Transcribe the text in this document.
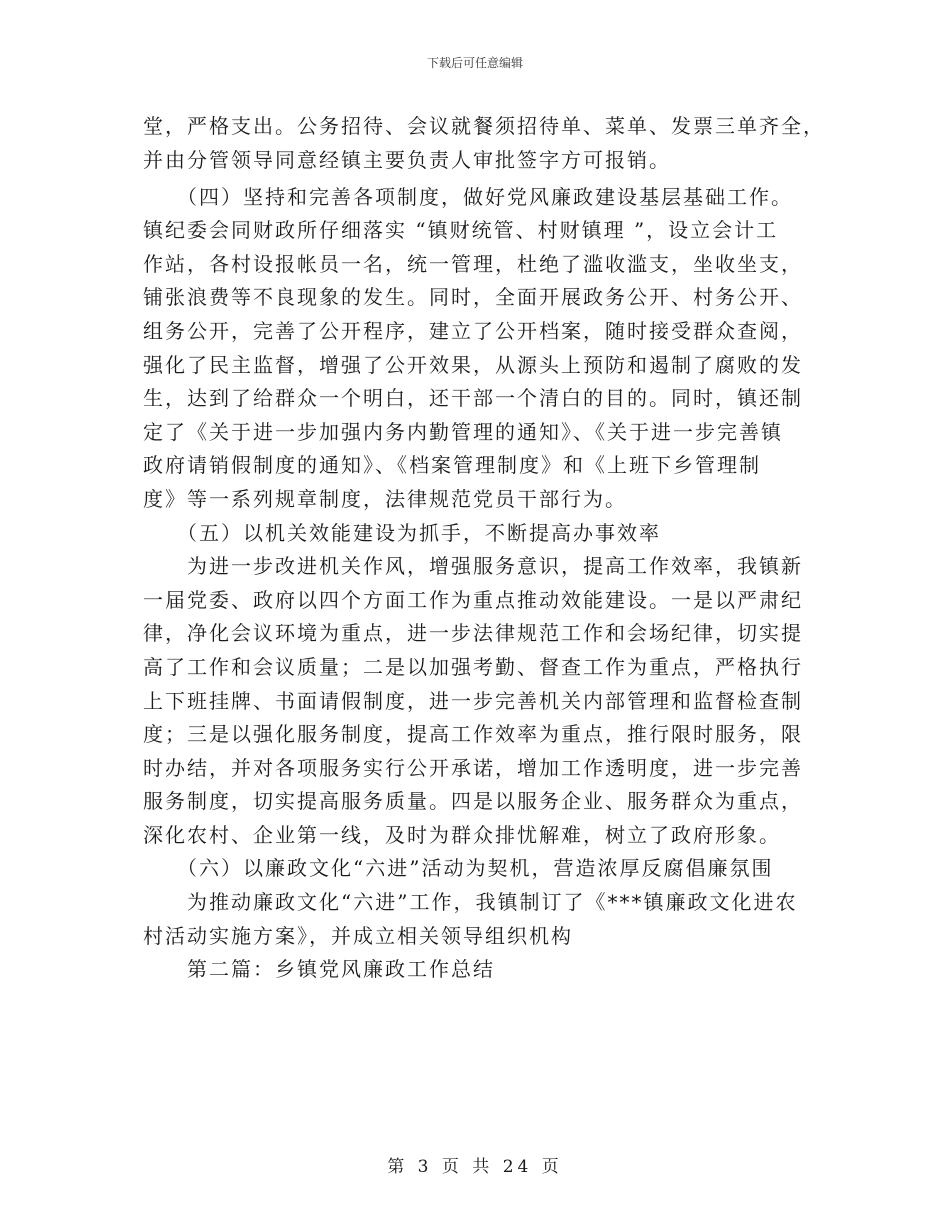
下载后可任意编辑
堂，严格支出。公务招待、会议就餐须招待单、菜单、发票三单齐全，
并由分管领导同意经镇主要负责人审批签字方可报销。
　　（四）坚持和完善各项制度，做好党风廉政建设基层基础工作。
镇纪委会同财政所仔细落实 “镇财统管、村财镇理 ”，设立会计工
作站，各村设报帐员一名，统一管理，杜绝了滥收滥支，坐收坐支，
铺张浪费等不良现象的发生。同时，全面开展政务公开、村务公开、
组务公开，完善了公开程序，建立了公开档案，随时接受群众查阅，
强化了民主监督，增强了公开效果，从源头上预防和遏制了腐败的发
生，达到了给群众一个明白，还干部一个清白的目的。同时，镇还制
定了《关于进一步加强内务内勤管理的通知》、《关于进一步完善镇
政府请销假制度的通知》、《档案管理制度》和《上班下乡管理制
度》等一系列规章制度，法律规范党员干部行为。
　　（五）以机关效能建设为抓手，不断提高办事效率
　　为进一步改进机关作风，增强服务意识，提高工作效率，我镇新
一届党委、政府以四个方面工作为重点推动效能建设。一是以严肃纪
律，净化会议环境为重点，进一步法律规范工作和会场纪律，切实提
高了工作和会议质量；二是以加强考勤、督查工作为重点，严格执行
上下班挂牌、书面请假制度，进一步完善机关内部管理和监督检查制
度；三是以强化服务制度，提高工作效率为重点，推行限时服务，限
时办结，并对各项服务实行公开承诺，增加工作透明度，进一步完善
服务制度，切实提高服务质量。四是以服务企业、服务群众为重点，
深化农村、企业第一线，及时为群众排忧解难，树立了政府形象。
　　（六）以廉政文化“六进”活动为契机，营造浓厚反腐倡廉氛围
　　为推动廉政文化“六进”工作，我镇制订了《***镇廉政文化进农
村活动实施方案》，并成立相关领导组织机构
　　第二篇：乡镇党风廉政工作总结
第 3 页 共 24 页
